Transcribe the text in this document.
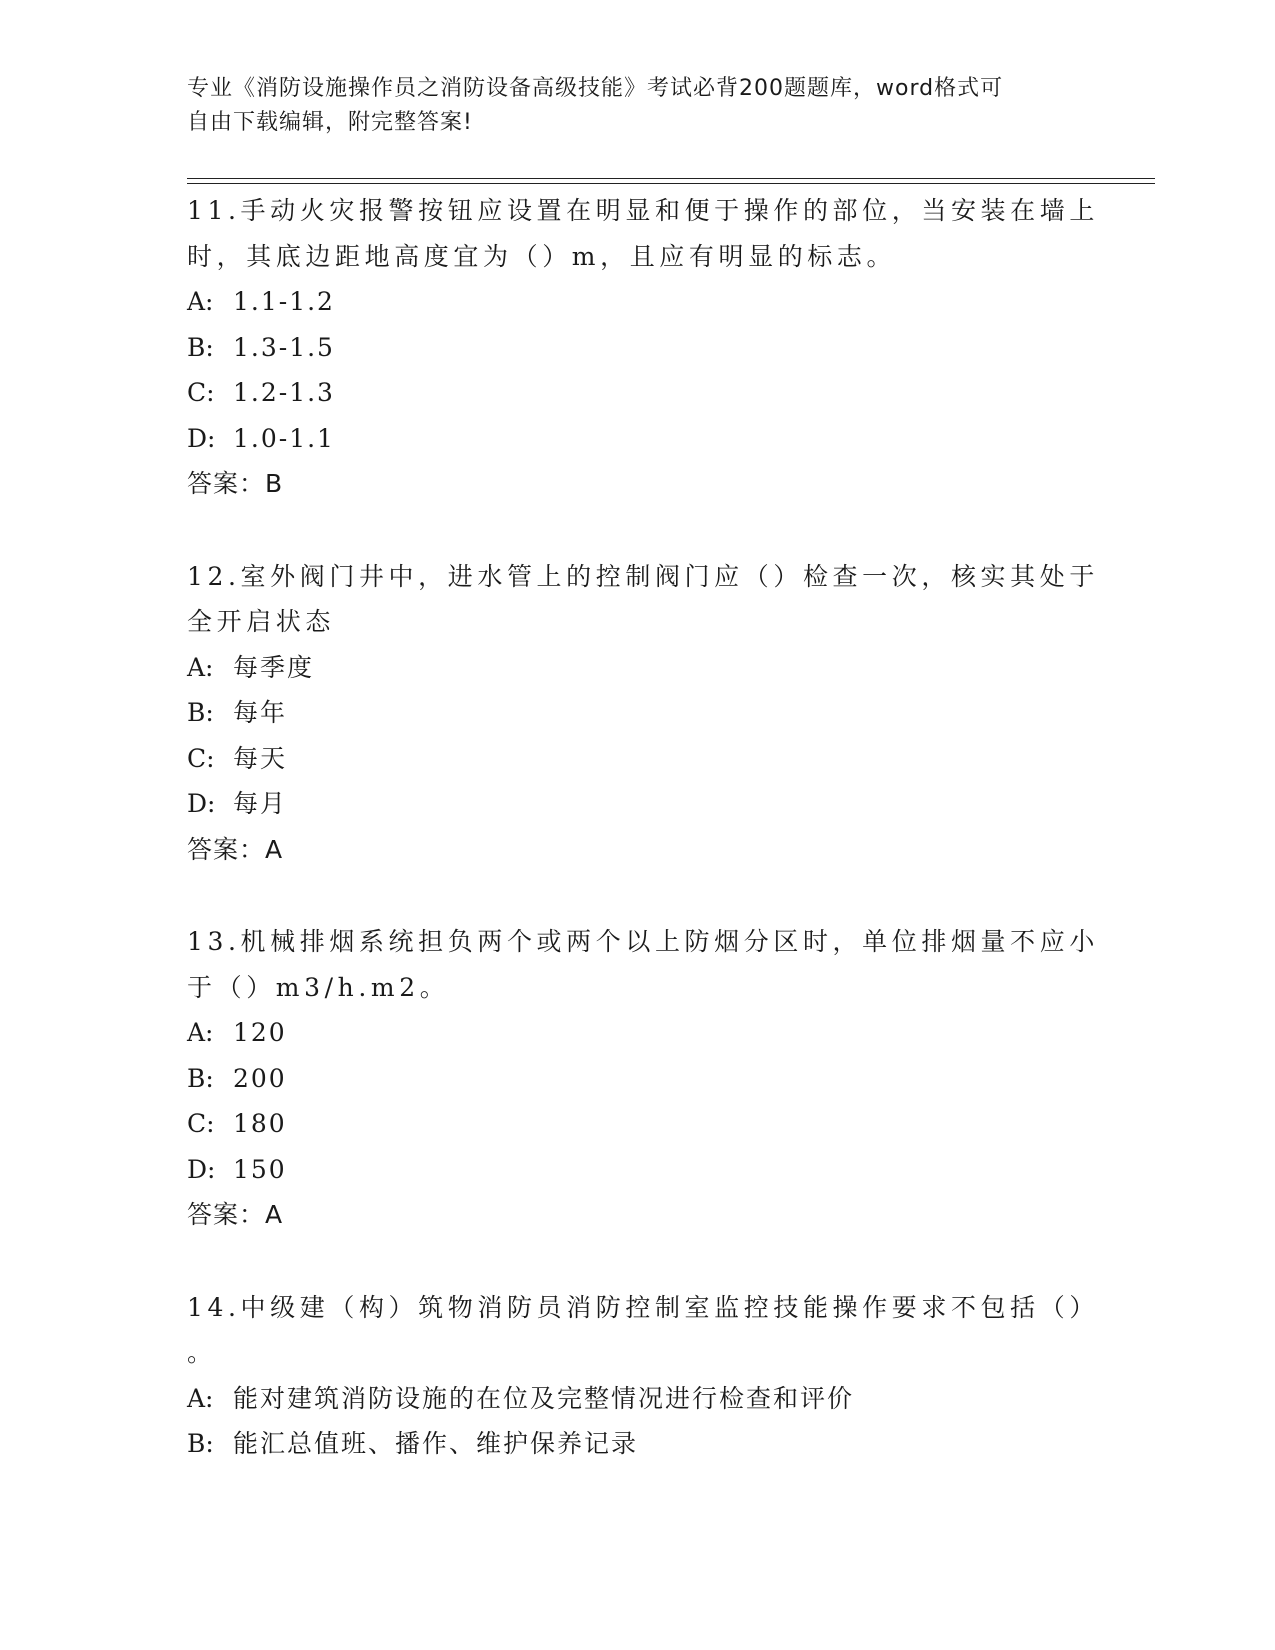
专业《消防设施操作员之消防设备高级技能》考试必背200题题库，word格式可
自由下载编辑，附完整答案!
11.手动火灾报警按钮应设置在明显和便于操作的部位，当安装在墙上
时，其底边距地高度宜为（）m，且应有明显的标志。
A: 1.1-1.2
B: 1.3-1.5
C: 1.2-1.3
D: 1.0-1.1
答案：B
12.室外阀门井中，进水管上的控制阀门应（）检查一次，核实其处于
全开启状态
A: 每季度
B: 每年
C: 每天
D: 每月
答案：A
13.机械排烟系统担负两个或两个以上防烟分区时，单位排烟量不应小
于（）m3/h.m2。
A: 120
B: 200
C: 180
D: 150
答案：A
14.中级建（构）筑物消防员消防控制室监控技能操作要求不包括（）
。
A: 能对建筑消防设施的在位及完整情况进行检查和评价
B: 能汇总值班、播作、维护保养记录
